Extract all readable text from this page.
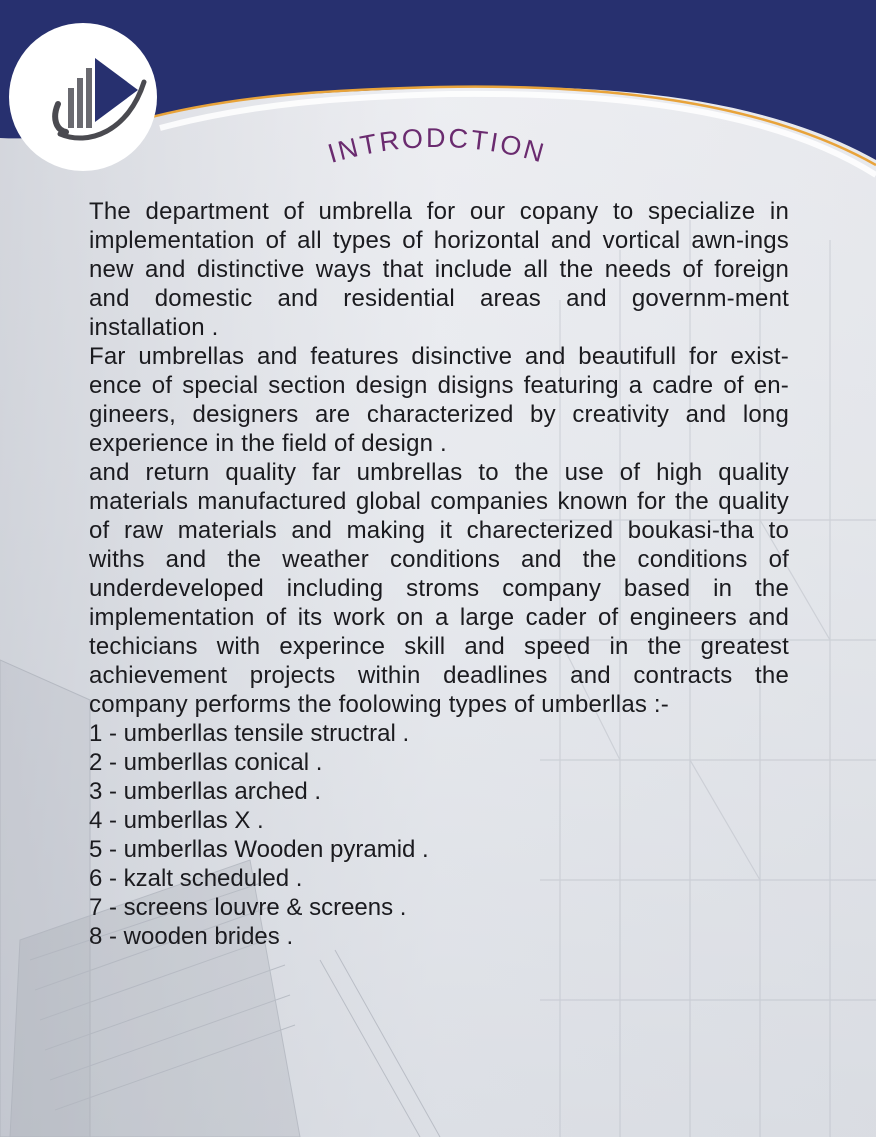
INTRODCTION

The department of umbrella for our copany to specialize in implementation of all types of horizontal and vortical awn-ings new and distinctive ways that include all the needs of foreign and domestic and residential areas and governm-ment installation .

Far umbrellas and features disinctive and beautifull for exist-ence of special section design disigns featuring a cadre of en-gineers, designers are characterized by creativity and long experience in the field of design .

and return quality far umbrellas to the use of high quality materials manufactured global companies known for the quality of raw materials and making it charecterized boukasi-tha to withs and the weather conditions and the conditions of underdeveloped including stroms company based in the implementation of its work on a large cader of engineers and techicians with experince skill and speed in the greatest achievement projects within deadlines and contracts the company performs the foolowing types of umberllas :-

1 - umberllas tensile structral .
2 - umberllas conical .
3 - umberllas arched .
4 - umberllas X .
5 - umberllas Wooden pyramid .
6 - kzalt scheduled .
7 - screens louvre & screens .
8 - wooden brides .
